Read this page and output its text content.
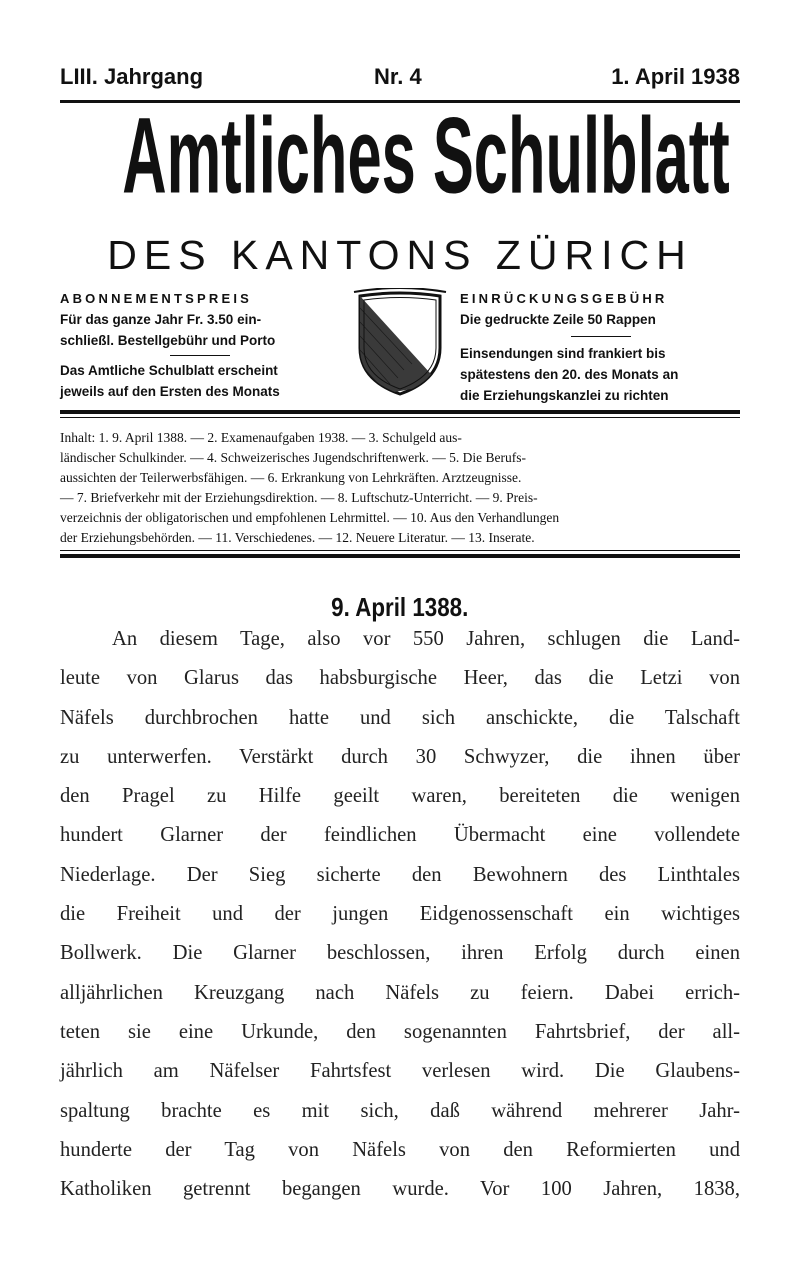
LIII. Jahrgang	Nr. 4	1. April 1938
Amtliches Schulblatt
DES KANTONS ZÜRICH
ABONNEMENTSPREIS
Für das ganze Jahr Fr. 3.50 ein-
schließl. Bestellgebühr und Porto
Das Amtliche Schulblatt erscheint
jeweils auf den Ersten des Monats
EINRÜCKUNGSGEBÜHR
Die gedruckte Zeile 50 Rappen
Einsendungen sind frankiert bis
spätestens den 20. des Monats an
die Erziehungskanzlei zu richten
Inhalt: 1. 9. April 1388. — 2. Examenaufgaben 1938. — 3. Schulgeld aus-
ländischer Schulkinder. — 4. Schweizerisches Jugendschriftenwerk. — 5. Die Berufs-
aussichten der Teilerwerbsfähigen. — 6. Erkrankung von Lehrkräften. Arztzeugnisse.
— 7. Briefverkehr mit der Erziehungsdirektion. — 8. Luftschutz-Unterricht. — 9. Preis-
verzeichnis der obligatorischen und empfohlenen Lehrmittel. — 10. Aus den Verhandlungen
der Erziehungsbehörden. — 11. Verschiedenes. — 12. Neuere Literatur. — 13. Inserate.
9. April 1388.
An diesem Tage, also vor 550 Jahren, schlugen die Land-
leute von Glarus das habsburgische Heer, das die Letzi von
Näfels durchbrochen hatte und sich anschickte, die Talschaft
zu unterwerfen. Verstärkt durch 30 Schwyzer, die ihnen über
den Pragel zu Hilfe geeilt waren, bereiteten die wenigen
hundert Glarner der feindlichen Übermacht eine vollendete
Niederlage. Der Sieg sicherte den Bewohnern des Linthtales
die Freiheit und der jungen Eidgenossenschaft ein wichtiges
Bollwerk. Die Glarner beschlossen, ihren Erfolg durch einen
alljährlichen Kreuzgang nach Näfels zu feiern. Dabei errich-
teten sie eine Urkunde, den sogenannten Fahrtsbrief, der all-
jährlich am Näfelser Fahrtsfest verlesen wird. Die Glaubens-
spaltung brachte es mit sich, daß während mehrerer Jahr-
hunderte der Tag von Näfels von den Reformierten und
Katholiken getrennt begangen wurde. Vor 100 Jahren, 1838,
